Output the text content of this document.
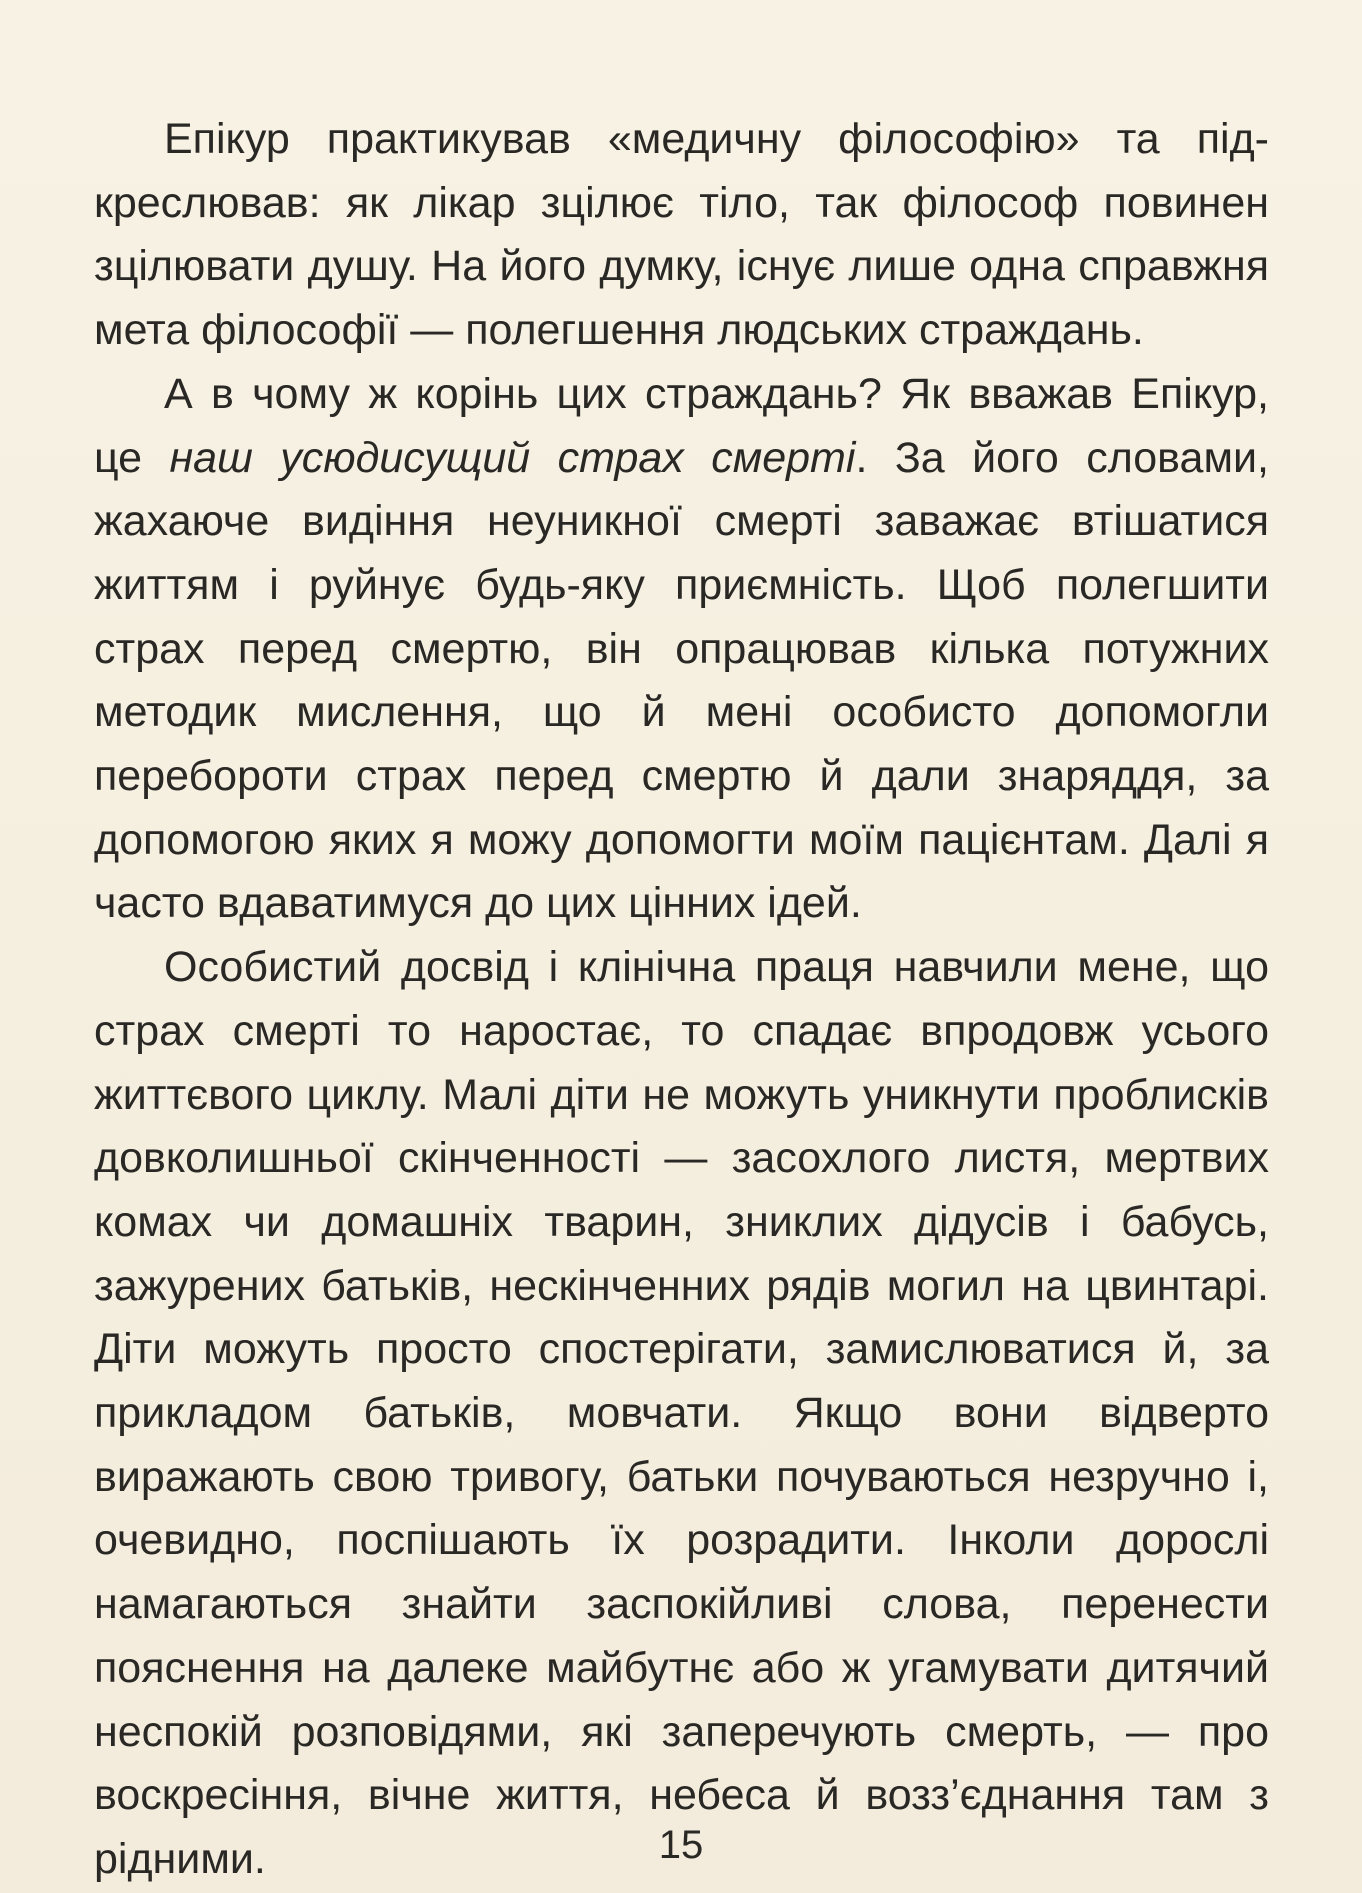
Епікур практикував «медичну філософію» та під-креслював: як лікар зцілює тіло, так філософ повинен зцілювати душу. На його думку, існує лише одна справжня мета філософії — полегшення людських страждань.

А в чому ж корінь цих страждань? Як вважав Епікур, це наш усюдисущий страх смерті. За його словами, жахаюче видіння неуникної смерті заважає втішатися життям і руйнує будь-яку приємність. Щоб полегшити страх перед смертю, він опрацював кілька потужних методик мислення, що й мені особисто допомогли перебороти страх перед смертю й дали знаряддя, за допомогою яких я можу допомогти моїм пацієнтам. Далі я часто вдаватимуся до цих цінних ідей.

Особистий досвід і клінічна праця навчили мене, що страх смерті то наростає, то спадає впродовж усього життєвого циклу. Малі діти не можуть уникнути проблисків довколишньої скінченності — засохлого листя, мертвих комах чи домашніх тварин, зниклих дідусів і бабусь, зажурених батьків, нескінченних рядів могил на цвинтарі. Діти можуть просто спостерігати, замислюватися й, за прикладом батьків, мовчати. Якщо вони відверто виражають свою тривогу, батьки почуваються незручно і, очевидно, поспішають їх розрадити. Інколи дорослі намагаються знайти заспокійливі слова, перенести пояснення на далеке майбутнє або ж угамувати дитячий неспокій розповідями, які заперечують смерть, — про воскресіння, вічне життя, небеса й возз’єднання там з рідними.	15
